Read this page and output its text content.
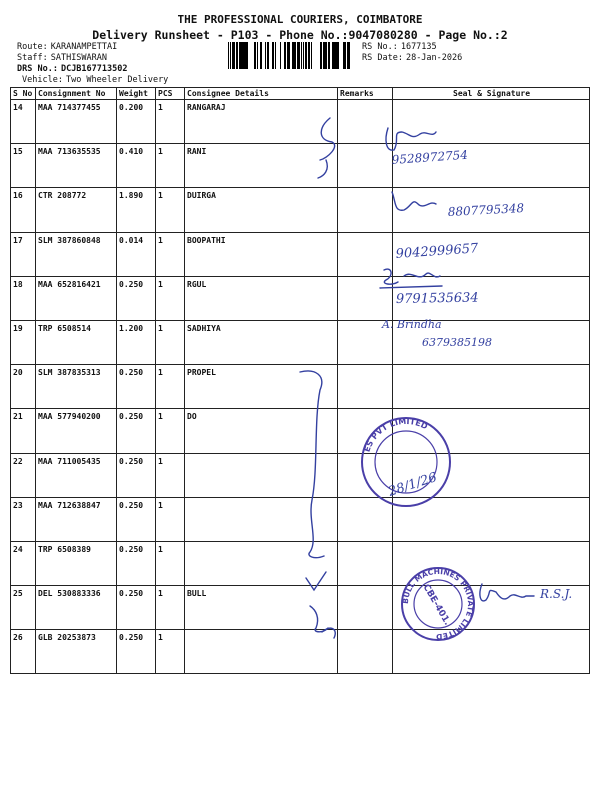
THE PROFESSIONAL COURIERS, COIMBATORE
Delivery Runsheet - P103 - Phone No.:9047080280 - Page No.:2
Route: KARANAMPETTAI
Staff: SATHISWARAN
DRS No.: DCJB167713502
Vehicle: Two Wheeler Delivery
RS No.: 1677135
RS Date: 28-Jan-2026
S No	Consignment No	Weight	PCS	Consignee Details	Remarks	Seal & Signature
14	MAA 714377455	0.200	1	RANGARAJ		
15	MAA 713635535	0.410	1	RANI		
16	CTR 208772	1.890	1	DUIRGA		
17	SLM 387860848	0.014	1	BOOPATHI		
18	MAA 652816421	0.250	1	RGUL		
19	TRP 6508514	1.200	1	SADHIYA		
20	SLM 387835313	0.250	1	PROPEL		
21	MAA 577940200	0.250	1	DO		
22	MAA 711005435	0.250	1			
23	MAA 712638847	0.250	1			
24	TRP 6508389	0.250	1			
25	DEL 530883336	0.250	1	BULL		
26	GLB 20253873	0.250	1			
9528972754
8807795348
9042999657
9791535634
A. Brindha
6379385198
ES PVT LIMITED
28/1/26
BULL MACHINES PRIVATE LIMITED
CBE-401.	R.S.J.
